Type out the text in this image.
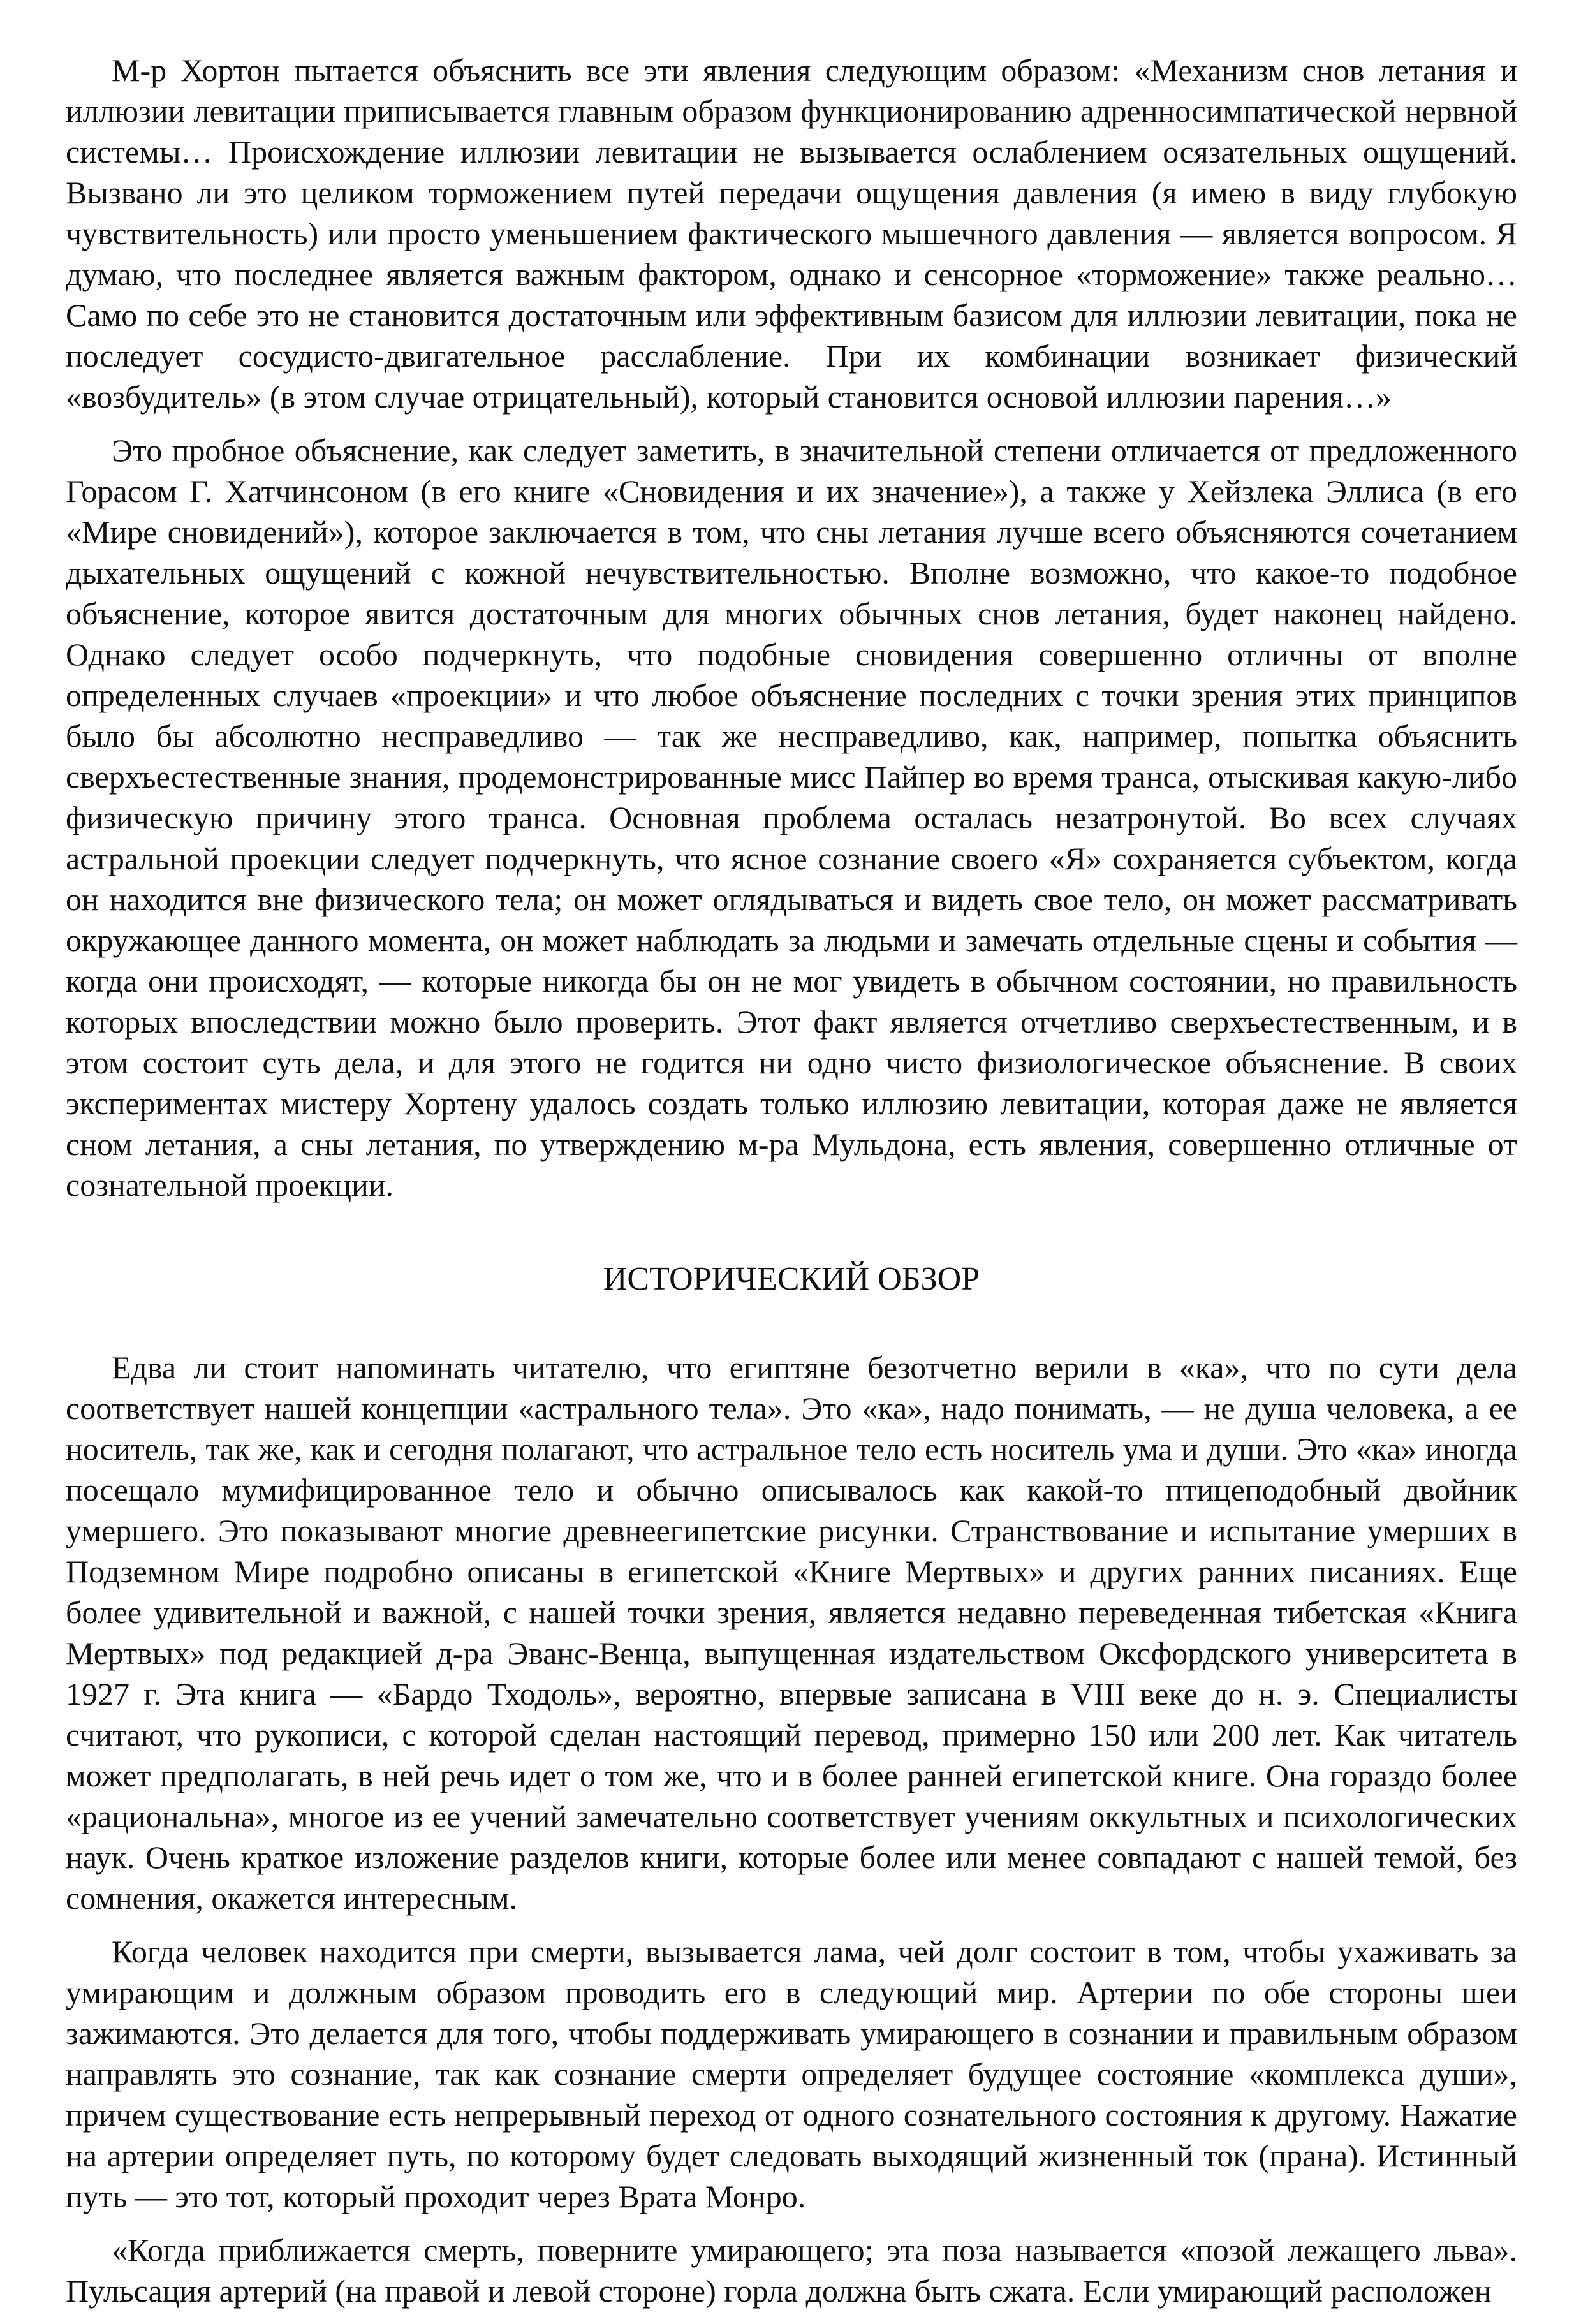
М-р Хортон пытается объяснить все эти явления следующим образом: «Механизм снов летания и иллюзии левитации приписывается главным образом функционированию адренносимпатической нервной системы… Происхождение иллюзии левитации не вызывается ослаблением осязательных ощущений. Вызвано ли это целиком торможением путей передачи ощущения давления (я имею в виду глубокую чувствительность) или просто уменьшением фактического мышечного давления — является вопросом. Я думаю, что последнее является важным фактором, однако и сенсорное «торможение» также реально… Само по себе это не становится достаточным или эффективным базисом для иллюзии левитации, пока не последует сосудисто-двигательное расслабление. При их комбинации возникает физический «возбудитель» (в этом случае отрицательный), который становится основой иллюзии парения…»

Это пробное объяснение, как следует заметить, в значительной степени отличается от предложенного Горасом Г. Хатчинсоном (в его книге «Сновидения и их значение»), а также у Хейзлека Эллиса (в его «Мире сновидений»), которое заключается в том, что сны летания лучше всего объясняются сочетанием дыхательных ощущений с кожной нечувствительностью. Вполне возможно, что какое-то подобное объяснение, которое явится достаточным для многих обычных снов летания, будет наконец найдено. Однако следует особо подчеркнуть, что подобные сновидения совершенно отличны от вполне определенных случаев «проекции» и что любое объяснение последних с точки зрения этих принципов было бы абсолютно несправедливо — так же несправедливо, как, например, попытка объяснить сверхъестественные знания, продемонстрированные мисс Пайпер во время транса, отыскивая какую-либо физическую причину этого транса. Основная проблема осталась незатронутой. Во всех случаях астральной проекции следует подчеркнуть, что ясное сознание своего «Я» сохраняется субъектом, когда он находится вне физического тела; он может оглядываться и видеть свое тело, он может рассматривать окружающее данного момента, он может наблюдать за людьми и замечать отдельные сцены и события — когда они происходят, — которые никогда бы он не мог увидеть в обычном состоянии, но правильность которых впоследствии можно было проверить. Этот факт является отчетливо сверхъестественным, и в этом состоит суть дела, и для этого не годится ни одно чисто физиологическое объяснение. В своих экспериментах мистеру Хортену удалось создать только иллюзию левитации, которая даже не является сном летания, а сны летания, по утверждению м-ра Мульдона, есть явления, совершенно отличные от сознательной проекции.

ИСТОРИЧЕСКИЙ ОБЗОР

Едва ли стоит напоминать читателю, что египтяне безотчетно верили в «ка», что по сути дела соответствует нашей концепции «астрального тела». Это «ка», надо понимать, — не душа человека, а ее носитель, так же, как и сегодня полагают, что астральное тело есть носитель ума и души. Это «ка» иногда посещало мумифицированное тело и обычно описывалось как какой-то птицеподобный двойник умершего. Это показывают многие древнеегипетские рисунки. Странствование и испытание умерших в Подземном Мире подробно описаны в египетской «Книге Мертвых» и других ранних писаниях. Еще более удивительной и важной, с нашей точки зрения, является недавно переведенная тибетская «Книга Мертвых» под редакцией д-ра Эванс-Венца, выпущенная издательством Оксфордского университета в 1927 г. Эта книга — «Бардо Тходоль», вероятно, впервые записана в VIII веке до н. э. Специалисты считают, что рукописи, с которой сделан настоящий перевод, примерно 150 или 200 лет. Как читатель может предполагать, в ней речь идет о том же, что и в более ранней египетской книге. Она гораздо более «рациональна», многое из ее учений замечательно соответствует учениям оккультных и психологических наук. Очень краткое изложение разделов книги, которые более или менее совпадают с нашей темой, без сомнения, окажется интересным.

Когда человек находится при смерти, вызывается лама, чей долг состоит в том, чтобы ухаживать за умирающим и должным образом проводить его в следующий мир. Артерии по обе стороны шеи зажимаются. Это делается для того, чтобы поддерживать умирающего в сознании и правильным образом направлять это сознание, так как сознание смерти определяет будущее состояние «комплекса души», причем существование есть непрерывный переход от одного сознательного состояния к другому. Нажатие на артерии определяет путь, по которому будет следовать выходящий жизненный ток (прана). Истинный путь — это тот, который проходит через Врата Монро.

«Когда приближается смерть, поверните умирающего; эта поза называется «позой лежащего льва». Пульсация артерий (на правой и левой стороне) горла должна быть сжата. Если умирающий расположен
